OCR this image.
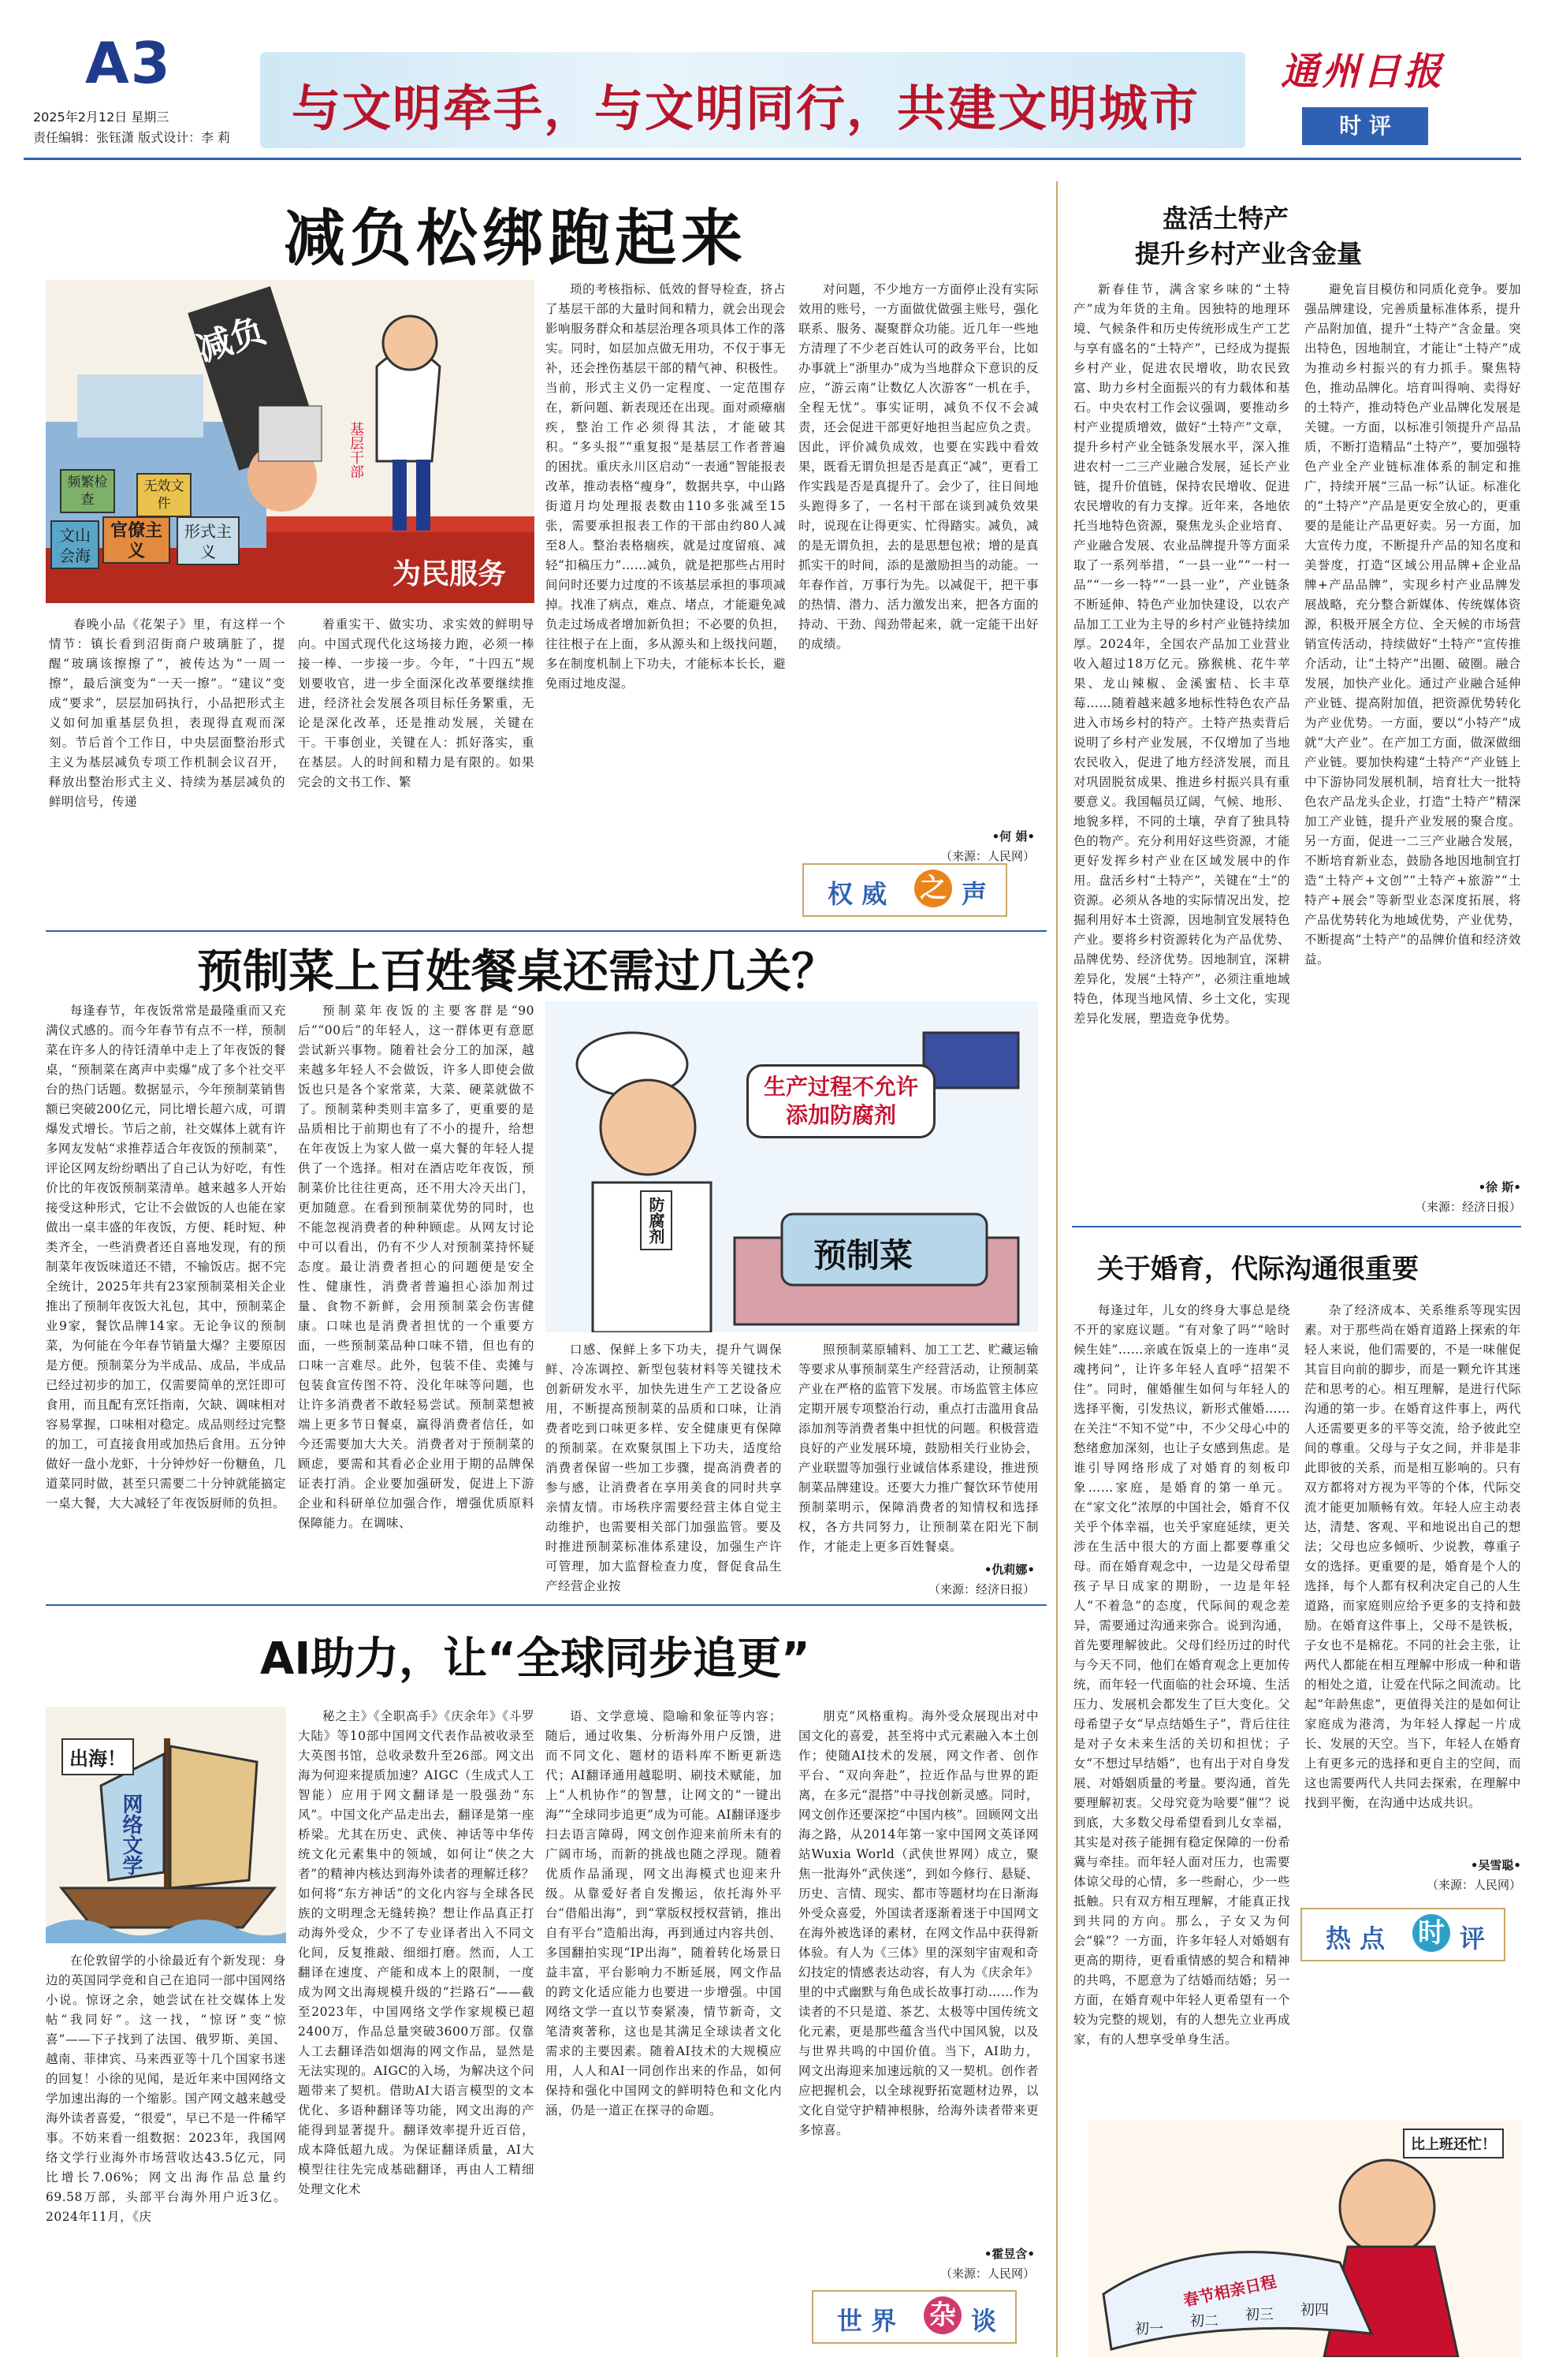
A3
2025年2月12日 星期三
责任编辑：张钰潇 版式设计：李 莉
与文明牵手，与文明同行，共建文明城市
通州日报
时 评
减负松绑跑起来
减负
基层干部
为民服务
频繁检查
无效文件
官僚主义
文山会海
形式主义

春晚小品《花架子》里，有这样一个情节：镇长看到沼街商户玻璃脏了，提醒“玻璃该擦擦了”，被传达为“一周一擦”，最后演变为“一天一擦”。“建议”变成“要求”，层层加码执行，小品把形式主义如何加重基层负担，表现得直观而深刻。节后首个工作日，中央层面整治形式主义为基层减负专项工作机制会议召开，释放出整治形式主义、持续为基层减负的鲜明信号，传递

着重实干、做实功、求实效的鲜明导向。中国式现代化这场接力跑，必须一棒接一棒、一步接一步。今年，“十四五”规划要收官，进一步全面深化改革要继续推进，经济社会发展各项目标任务繁重，无论是深化改革，还是推动发展，关键在干。干事创业，关键在人：抓好落实，重在基层。人的时间和精力是有限的。如果完会的文书工作、繁

琐的考核指标、低效的督导检查，挤占了基层干部的大量时间和精力，就会出现会影响服务群众和基层治理各项具体工作的落实。同时，如层加点做无用功，不仅于事无补，还会挫伤基层干部的精气神、积极性。当前，形式主义仍一定程度、一定范围存在，新问题、新表现还在出现。面对顽瘴痼疾，整治工作必须得其法，才能破其积。“多头报”“重复报”是基层工作者普遍的困扰。重庆永川区启动“一表通”智能报表改革，推动表格“瘦身”，数据共享，中山路街道月均处理报表数由110多张减至15张，需要承担报表工作的干部由约80人减至8人。整治表格痼疾，就是过度留痕、减轻“扣稿压力”……减负，就是把那些占用时间问时还要力过度的不该基层承担的事项减掉。找准了病点，难点、堵点，才能避免减负走过场成者增加新负担；不必要的负担，往往根子在上面，多从源头和上级找问题，多在制度机制上下功夫，才能标本长长，避免雨过地皮湿。

对问题，不少地方一方面停止没有实际效用的账号，一方面做优做强主账号，强化联系、服务、凝聚群众功能。近几年一些地方清理了不少老百姓认可的政务平台，比如办事就上“浙里办”成为当地群众下意识的反应，“游云南”让数亿人次游客“一机在手，全程无忧”。事实证明，减负不仅不会减责，还会促进干部更好地担当起应负之责。因此，评价减负成效，也要在实践中看效果，既看无谓负担是否是真正“减”，更看工作实践是否是真提升了。会少了，往日间地头跑得多了，一名村干部在谈到减负效果时，说现在让得更实、忙得踏实。减负，减的是无谓负担，去的是思想包袱；增的是真抓实干的时间，添的是激励担当的动能。一年春作首，万事行为先。以减促干，把干事的热情、潜力、活力激发出来，把各方面的持动、干劲、闯劲带起来，就一定能干出好的成绩。

•何 娟•
（来源：人民网）
权 威 之 声
预制菜上百姓餐桌还需过几关？

每逢春节，年夜饭常常是最隆重而又充满仪式感的。而今年春节有点不一样，预制菜在许多人的待饪清单中走上了年夜饭的餐桌，“预制菜在离声中卖爆”成了多个社交平台的热门话题。数据显示，今年预制菜销售额已突破200亿元，同比增长超六成，可谓爆发式增长。节后之前，社交媒体上就有许多网友发帖“求推荐适合年夜饭的预制菜”，评论区网友纷纷晒出了自己认为好吃，有性价比的年夜饭预制菜清单。越来越多人开始接受这种形式，它让不会做饭的人也能在家做出一桌丰盛的年夜饭，方便、耗时短、种类齐全，一些消费者还自喜地发现，有的预制菜年夜饭味道还不错，不输饭店。据不完全统计，2025年共有23家预制菜相关企业推出了预制年夜饭大礼包，其中，预制菜企业9家，餐饮品牌14家。无论争议的预制菜，为何能在今年春节销量大爆？主要原因是方便。预制菜分为半成品、成品，半成品已经过初步的加工，仅需要简单的烹饪即可食用，而且配有烹饪指南，欠缺、调味相对容易掌握，口味相对稳定。成品则经过完整的加工，可直接食用或加热后食用。五分钟做好一盘小龙虾，十分钟炒好一份糖鱼，几道菜同时做，甚至只需要二十分钟就能搞定一桌大餐，大大减轻了年夜饭厨师的负担。

预制菜年夜饭的主要客群是“90后”“00后”的年轻人，这一群体更有意愿尝试新兴事物。随着社会分工的加深，越来越多年轻人不会做饭，许多人即使会做饭也只是各个家常菜，大菜、硬菜就做不了。预制菜种类则丰富多了，更重要的是品质相比于前期也有了不小的提升，给想在年夜饭上为家人做一桌大餐的年轻人提供了一个选择。相对在酒店吃年夜饭，预制菜价比往往更高，还不用大冷天出门，更加随意。在看到预制菜优势的同时，也不能忽视消费者的种种顾虑。从网友讨论中可以看出，仍有不少人对预制菜持怀疑态度。最让消费者担心的问题便是安全性、健康性，消费者普遍担心添加剂过量、食物不新鲜，会用预制菜会伤害健康。口味也是消费者担忧的一个重要方面，一些预制菜品种口味不错，但也有的口味一言难尽。此外，包装不佳、卖摊与包装食宣传图不符、没化年味等问题，也让许多消费者不敢轻易尝试。预制菜想被端上更多节日餐桌，赢得消费者信任，如今还需要加大大关。消费者对于预制菜的顾虑，要需和其看必企业用于期的品牌保证表打消。企业要加强研发，促进上下游企业和科研单位加强合作，增强优质原料保障能力。在调味、

生产过程不允许添加防腐剂
防腐剂
预制菜

口感、保鲜上多下功夫，提升气调保鲜、冷冻调控、新型包装材料等关键技术创新研发水平，加快先进生产工艺设备应用，不断提高预制菜的品质和口味，让消费者吃到口味更多样、安全健康更有保障的预制菜。在欢聚氛围上下功夫，适度给消费者保留一些加工步骤，提高消费者的参与感，让消费者在享用美食的同时共享亲情友情。市场秩序需要经营主体自觉主动维护，也需要相关部门加强监管。要及时推进预制菜标准体系建设，加强生产许可管理，加大监督检查力度，督促食品生产经营企业按

照预制菜原辅料、加工工艺、贮藏运输等要求从事预制菜生产经营活动，让预制菜产业在严格的监管下发展。市场监管主体应定期开展专项整治行动，重点打击滥用食品添加剂等消费者集中担忧的问题。积极营造良好的产业发展环境，鼓励相关行业协会，产业联盟等加强行业诚信体系建设，推进预制菜品牌建设。还要大力推广餐饮环节使用预制菜明示，保障消费者的知情权和选择权，各方共同努力，让预制菜在阳光下制作，才能走上更多百姓餐桌。

•仇莉娜•
（来源：经济日报）
AI助力，让“全球同步追更”
出海！
网络文学

在伦敦留学的小徐最近有个新发现：身边的英国同学竞和自己在追同一部中国网络小说。惊讶之余，她尝试在社交媒体上发帖“我同好”。这一找，“惊讶”变“惊喜”——下子找到了法国、俄罗斯、美国、越南、菲律宾、马来西亚等十几个国家书迷的回复！小徐的见闻，是近年来中国网络文学加速出海的一个缩影。国产网文越来越受海外读者喜爱，“很爱”，早已不是一件稀罕事。不妨来看一组数据：2023年，我国网络文学行业海外市场营收达43.5亿元，同比增长7.06%；网文出海作品总量约69.58万部，头部平台海外用户近3亿。2024年11月，《庆

秘之主》《全职高手》《庆余年》《斗罗大陆》等10部中国网文代表作品被收录至大英图书馆，总收录数升至26部。网文出海为何迎来提质加速？AIGC（生成式人工智能）应用于网文翻译是一股强劲“东风”。中国文化产品走出去，翻译是第一座桥梁。尤其在历史、武侠、神话等中华传统文化元素集中的领域，如何让“侠之大者”的精神内核达到海外读者的理解迁移？如何将“东方神话”的文化内容与全球各民族的文明理念无缝转换？想让作品真正打动海外受众，少不了专业译者出入不同文化间，反复推敲、细细打磨。然而，人工翻译在速度、产能和成本上的限制，一度成为网文出海规模升级的“拦路石”——截至2023年，中国网络文学作家规模已超2400万，作品总量突破3600万部。仅靠人工去翻译浩如烟海的网文作品，显然是无法实现的。AIGC的入场，为解决这个问题带来了契机。借助AI大语言模型的文本优化、多语种翻译等功能，网文出海的产能得到显著提升。翻译效率提升近百倍，成本降低超九成。为保证翻译质量，AI大模型往往先完成基础翻译，再由人工精细处理文化术

语、文学意境、隐喻和象征等内容；随后，通过收集、分析海外用户反馈，进而不同文化、题材的语料库不断更新迭代；AI翻译通用越聪明、刷技术赋能，加上“人机协作”的智慧，让网文的“一键出海”“全球同步追更”成为可能。AI翻译逐步扫去语言障碍，网文创作迎来前所未有的广阔市场，而新的挑战也随之浮现。随着优质作品涌现，网文出海模式也迎来升级。从靠爱好者自发搬运，依托海外平台“借船出海”，到“掌版权授权营销，推出自有平台”造船出海，再到通过内容共创、多国翻拍实现“IP出海”，随着转化场景日益丰富，平台影响力不断延展，网文作品的跨文化适应能力也要进一步增强。中国网络文学一直以节奏紧凑，情节新奇，文笔清爽著称，这也是其满足全球读者文化需求的主要因素。随着AI技术的大规模应用，人人和AI一同创作出来的作品，如何保持和强化中国网文的鲜明特色和文化内涵，仍是一道正在探寻的命题。

朋克”风格重构。海外受众展现出对中国文化的喜爱，甚至将中式元素融入本土创作；使随AI技术的发展，网文作者、创作平台、“双向奔赴”，拉近作品与世界的距离，在多元“混搭”中寻找创新灵感。同时，网文创作还要深挖“中国内核”。回顾网文出海之路，从2014年第一家中国网文英译网站Wuxia World（武侠世界网）成立，聚焦一批海外“武侠迷”，到如今修行、悬疑、历史、言情、现实、都市等题材均在日渐海外受众喜爱，外国读者逐渐着迷于中国网文在海外被选译的素材，在网文作品中获得新体验。有人为《三体》里的深刻宇宙观和奇幻技定的情感表达动容，有人为《庆余年》里的中式幽默与角色成长故事打动……作为读者的不只是道、茶艺、太极等中国传统文化元素，更是那些蕴含当代中国风貌，以及与世界共鸣的中国价值。当下，AI助力，网文出海迎来加速远航的又一契机。创作者应把握机会，以全球视野拓宽题材边界，以文化自觉守护精神根脉，给海外读者带来更多惊喜。

•霍昱含•
（来源：人民网）
世 界 杂 谈
盘活土特产
提升乡村产业含金量

新春佳节，满含家乡味的“土特产”成为年货的主角。因独特的地理环境、气候条件和历史传统形成生产工艺与享有盛名的“土特产”，已经成为提振乡村产业，促进农民增收，助农民致富、助力乡村全面振兴的有力载体和基石。中央农村工作会议强调，要推动乡村产业提质增效，做好“土特产”文章，提升乡村产业全链条发展水平，深入推进农村一二三产业融合发展，延长产业链，提升价值链，保持农民增收、促进农民增收的有力支撑。近年来，各地依托当地特色资源，聚焦龙头企业培育、产业融合发展、农业品牌提升等方面采取了一系列举措，“一县一业”“一村一品”“一乡一特”“一县一业”，产业链条不断延伸、特色产业加快建设，以农产品加工工业为主导的乡村产业链持续加厚。2024年，全国农产品加工业营业收入超过18万亿元。猕猴桃、花牛苹果、龙山辣椒、金溪蜜桔、长丰草莓……随着越来越多地标性特色农产品进入市场乡村的特产。土特产热卖背后说明了乡村产业发展，不仅增加了当地农民收入，促进了地方经济发展，而且对巩固脱贫成果、推进乡村振兴具有重要意义。我国幅员辽阔，气候、地形、地貌多样，不同的土壤，孕育了独具特色的物产。充分利用好这些资源，才能更好发挥乡村产业在区域发展中的作用。盘活乡村“土特产”，关键在“土”的资源。必须从各地的实际情况出发，挖掘利用好本土资源，因地制宜发展特色产业。要将乡村资源转化为产品优势、品牌优势、经济优势。因地制宜，深耕差异化，发展“土特产”，必须注重地域特色，体现当地风情、乡土文化，实现差异化发展，塑造竞争优势。

避免盲目模仿和同质化竞争。要加强品牌建设，完善质量标准体系，提升产品附加值，提升“土特产”含金量。突出特色，因地制宜，才能让“土特产”成为推动乡村振兴的有力抓手。聚焦特色，推动品牌化。培育叫得响、卖得好的土特产，推动特色产业品牌化发展是关键。一方面，以标准引领提升产品品质，不断打造精品“土特产”，要加强特色产业全产业链标准体系的制定和推广，持续开展“三品一标”认证。标准化的“土特产”产品是更安全放心的，更重要的是能让产品更好卖。另一方面，加大宣传力度，不断提升产品的知名度和美誉度，打造“区域公用品牌+企业品牌+产品品牌”，实现乡村产业品牌发展战略，充分整合新媒体、传统媒体资源，积极开展全方位、全天候的市场营销宣传活动，持续做好“土特产”宣传推介活动，让“土特产”出圈、破圈。融合发展，加快产业化。通过产业融合延伸产业链、提高附加值，把资源优势转化为产业优势。一方面，要以“小特产”成就“大产业”。在产加工方面，做深做细产业链。要加快构建“土特产”产业链上中下游协同发展机制，培育壮大一批特色农产品龙头企业，打造“土特产”精深加工产业链，提升产业发展的聚合度。另一方面，促进一二三产业融合发展，不断培育新业态，鼓励各地因地制宜打造“土特产+文创”“土特产+旅游”“土特产+展会”等新型业态深度拓展，将产品优势转化为地域优势，产业优势，不断提高“土特产”的品牌价值和经济效益。

•徐 斯•
（来源：经济日报）
关于婚育，代际沟通很重要

每逢过年，儿女的终身大事总是绕不开的家庭议题。“有对象了吗”“啥时候生娃”……亲戚在饭桌上的一连串“灵魂拷问”，让许多年轻人直呼“招架不住”。同时，催婚催生如何与年轻人的选择平衡，引发热议，新形式催婚……在关注“不知不觉”中，不少父母心中的愁绪愈加深刻，也让子女感到焦虑。是谁引导网络形成了对婚育的刻板印象……家庭，是婚育的第一单元。在“家文化”浓厚的中国社会，婚育不仅关乎个体幸福，也关乎家庭延续，更关涉在生活中很大的方面上都要尊重父母。而在婚育观念中，一边是父母希望孩子早日成家的期盼，一边是年轻人“不着急”的态度，代际间的观念差异，需要通过沟通来弥合。说到沟通，首先要理解彼此。父母们经历过的时代与今天不同，他们在婚育观念上更加传统，而年轻一代面临的社会环境、生活压力、发展机会都发生了巨大变化。父母希望子女“早点结婚生子”，背后往往是对子女未来生活的关切和担忧；子女“不想过早结婚”，也有出于对自身发展、对婚姻质量的考量。要沟通，首先要理解初衷。父母究竟为啥要“催”？说到底，大多数父母希望看到儿女幸福，其实是对孩子能拥有稳定保障的一份希冀与牵挂。而年轻人面对压力，也需要体谅父母的心情，多一些耐心，少一些抵触。只有双方相互理解，才能真正找到共同的方向。那么，子女又为何会“躲”？一方面，许多年轻人对婚姻有更高的期待，更看重情感的契合和精神的共鸣，不愿意为了结婚而结婚；另一方面，在婚育观中年轻人更希望有一个较为完整的规划，有的人想先立业再成家，有的人想享受单身生活。

杂了经济成本、关系维系等现实因素。对于那些尚在婚育道路上探索的年轻人来说，他们需要的，不是一味催促其盲目向前的脚步，而是一颗允许其迷茫和思考的心。相互理解，是进行代际沟通的第一步。在婚育这件事上，两代人还需要更多的平等交流，给予彼此空间的尊重。父母与子女之间，并非是非此即彼的关系，而是相互影响的。只有双方都将对方视为平等的个体，代际交流才能更加顺畅有效。年轻人应主动表达，清楚、客观、平和地说出自己的想法；父母也应多倾听、少说教，尊重子女的选择。更重要的是，婚育是个人的选择，每个人都有权利决定自己的人生道路，而家庭则应给予更多的支持和鼓励。在婚育这件事上，父母不是铁板，子女也不是棉花。不同的社会主张，让两代人都能在相互理解中形成一种和谐的相处之道，让爱在代际之间流动。比起“年龄焦虑”，更值得关注的是如何让家庭成为港湾，为年轻人撑起一片成长、发展的天空。当下，年轻人在婚育上有更多元的选择和更自主的空间，而这也需要两代人共同去探索，在理解中找到平衡，在沟通中达成共识。

•吴雪聪•
（来源：人民网）
热 点 时 评
比上班还忙！
春节相亲日程
初一 初二 初三 初四
